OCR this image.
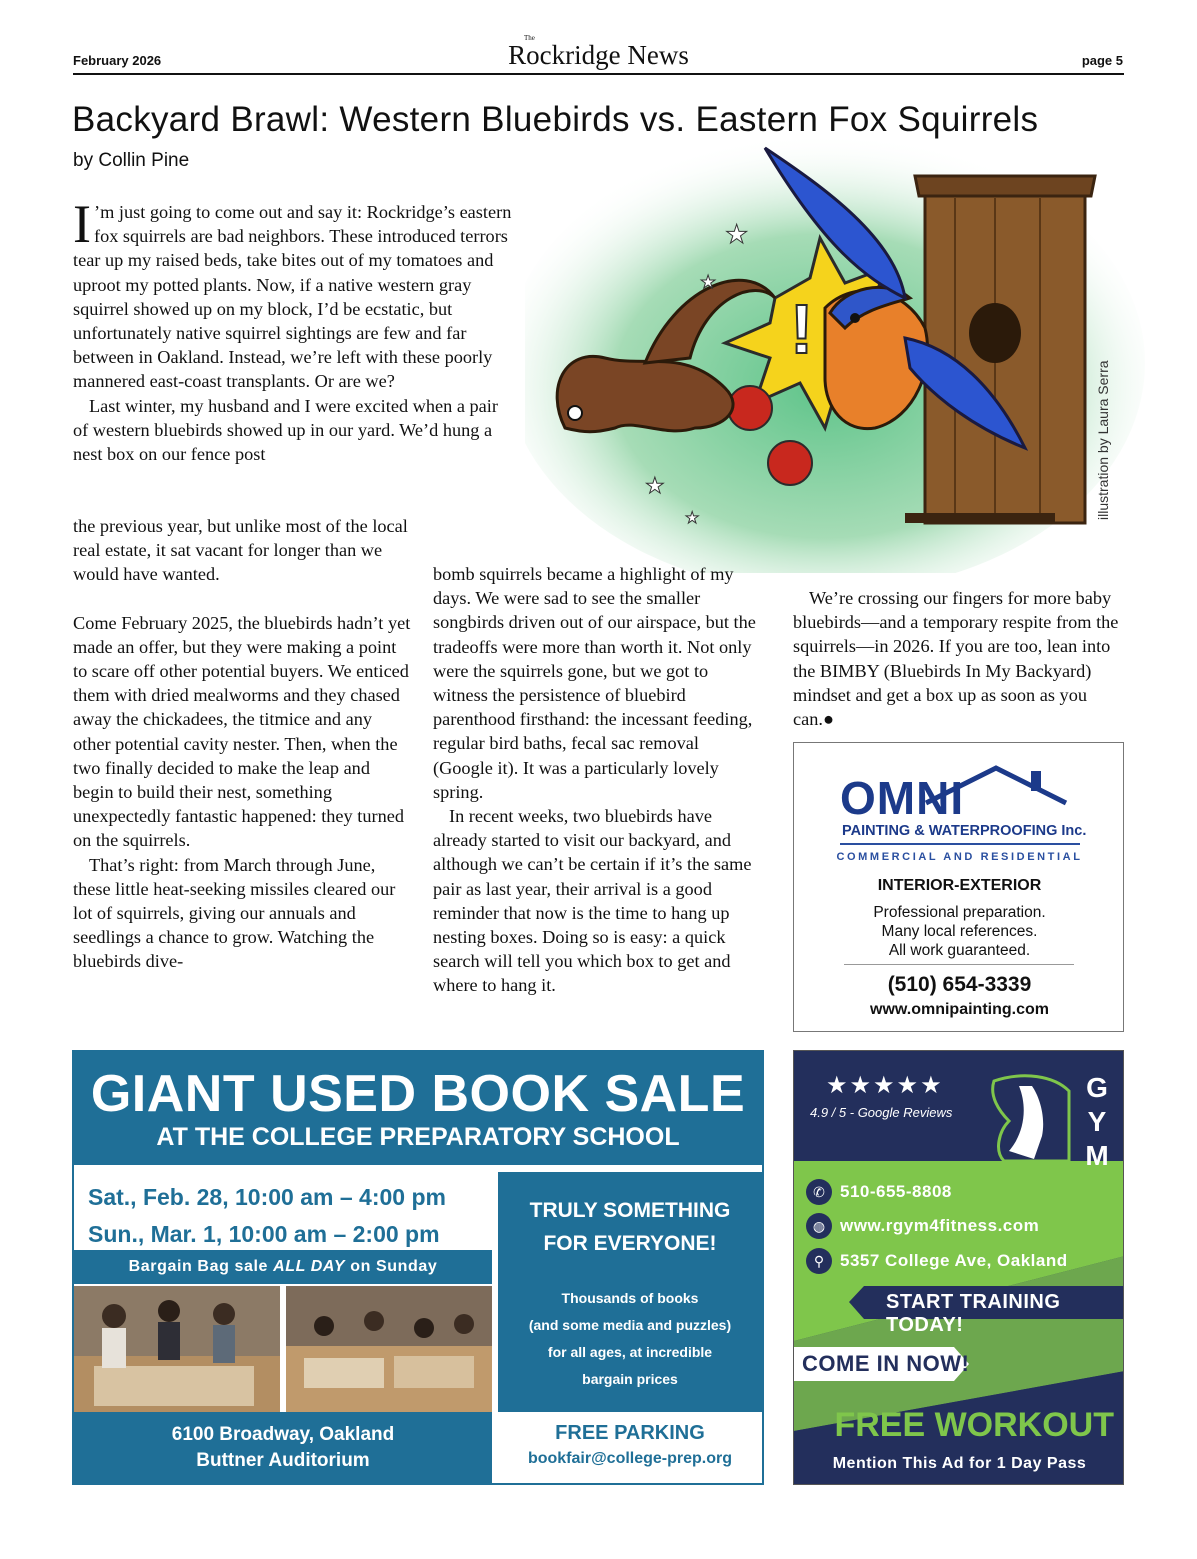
February 2026
The
Rockridge News	page 5
Backyard Brawl: Western Bluebirds vs. Eastern Fox Squirrels
by Collin Pine
!
★
★
★
★
illustration by Laura Serra

I ’m just going to come out and say it: Rockridge’s eastern fox squirrels are bad neighbors. These introduced terrors tear up my raised beds, take bites out of my tomatoes and uproot my potted plants. Now, if a native western gray squirrel showed up on my block, I’d be ecstatic, but unfortunately native squirrel sightings are few and far between in Oakland. Instead, we’re left with these poorly mannered east-coast transplants. Or are we?

Last winter, my husband and I were excited when a pair of western bluebirds showed up in our yard. We’d hung a nest box on our fence post

the previous year, but unlike most of the local real estate, it sat vacant for longer than we would have wanted.

Come February 2025, the bluebirds hadn’t yet made an offer, but they were making a point to scare off other potential buyers. We enticed them with dried mealworms and they chased away the chickadees, the titmice and any other potential cavity nester. Then, when the two finally decided to make the leap and begin to build their nest, something unexpectedly fantastic happened: they turned on the squirrels.

That’s right: from March through June, these little heat-seeking missiles cleared our lot of squirrels, giving our annuals and seedlings a chance to grow. Watching the bluebirds dive-

bomb squirrels became a highlight of my days. We were sad to see the smaller songbirds driven out of our airspace, but the tradeoffs were more than worth it. Not only were the squirrels gone, but we got to witness the persistence of bluebird parenthood firsthand: the incessant feeding, regular bird baths, fecal sac removal (Google it). It was a particularly lovely spring.

In recent weeks, two bluebirds have already started to visit our backyard, and although we can’t be certain if it’s the same pair as last year, their arrival is a good reminder that now is the time to hang up nesting boxes. Doing so is easy: a quick search will tell you which box to get and where to hang it.

We’re crossing our fingers for more baby bluebirds—and a temporary respite from the squirrels—in 2026. If you are too, lean into the BIMBY (Bluebirds In My Backyard) mindset and get a box up as soon as you can.●

OMNI
PAINTING & WATERPROOFING Inc.
COMMERCIAL AND RESIDENTIAL
INTERIOR-EXTERIOR
Professional preparation.
Many local references.
All work guaranteed.
(510) 654-3339
www.omnipainting.com
GIANT USED BOOK SALE
AT THE COLLEGE PREPARATORY SCHOOL
Sat., Feb. 28, 10:00 am – 4:00 pm
Sun., Mar. 1, 10:00 am – 2:00 pm
Bargain Bag sale ALL DAY on Sunday
6100 Broadway, Oakland
Buttner Auditorium
TRULY SOMETHING
FOR EVERYONE!
Thousands of books
(and some media and puzzles)
for all ages, at incredible
bargain prices
FREE PARKING
bookfair@college-prep.org
★★★★★
4.9 / 5 - Google Reviews
G
Y
M
✆ 510-655-8808
◍ www.rgym4fitness.com
⚲ 5357 College Ave, Oakland
START TRAINING TODAY!
COME IN NOW!
FREE WORKOUT
Mention This Ad for 1 Day Pass
